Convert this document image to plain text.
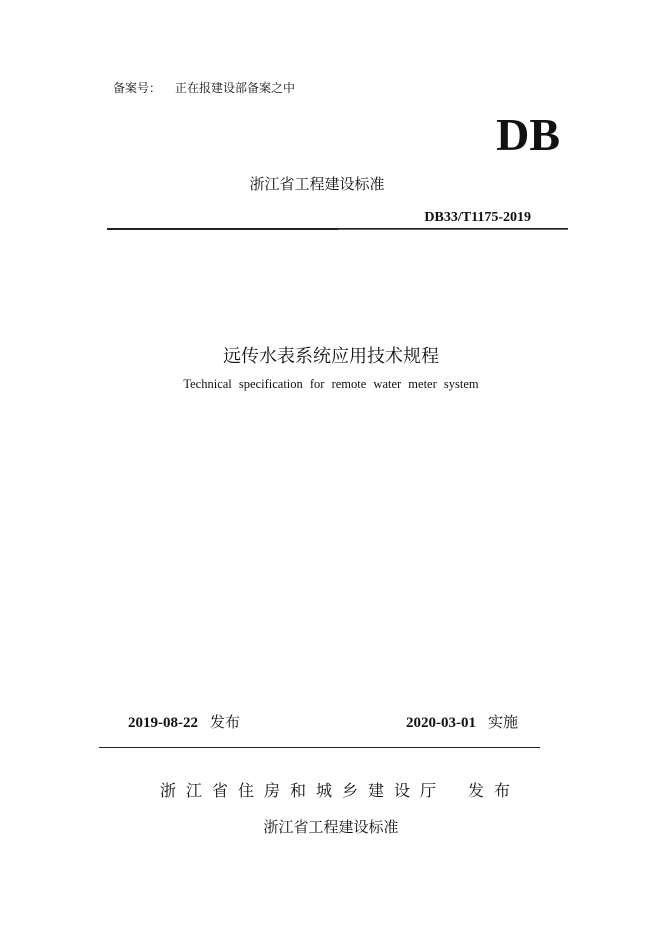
备案号： 正在报建设部备案之中
DB
浙江省工程建设标准
DB33/T1175-2019
远传水表系统应用技术规程
Technical specification for remote water meter system
2019-08-22 发布	2020-03-01 实施
浙江省住房和城乡建设厅 发布
浙江省工程建设标准
